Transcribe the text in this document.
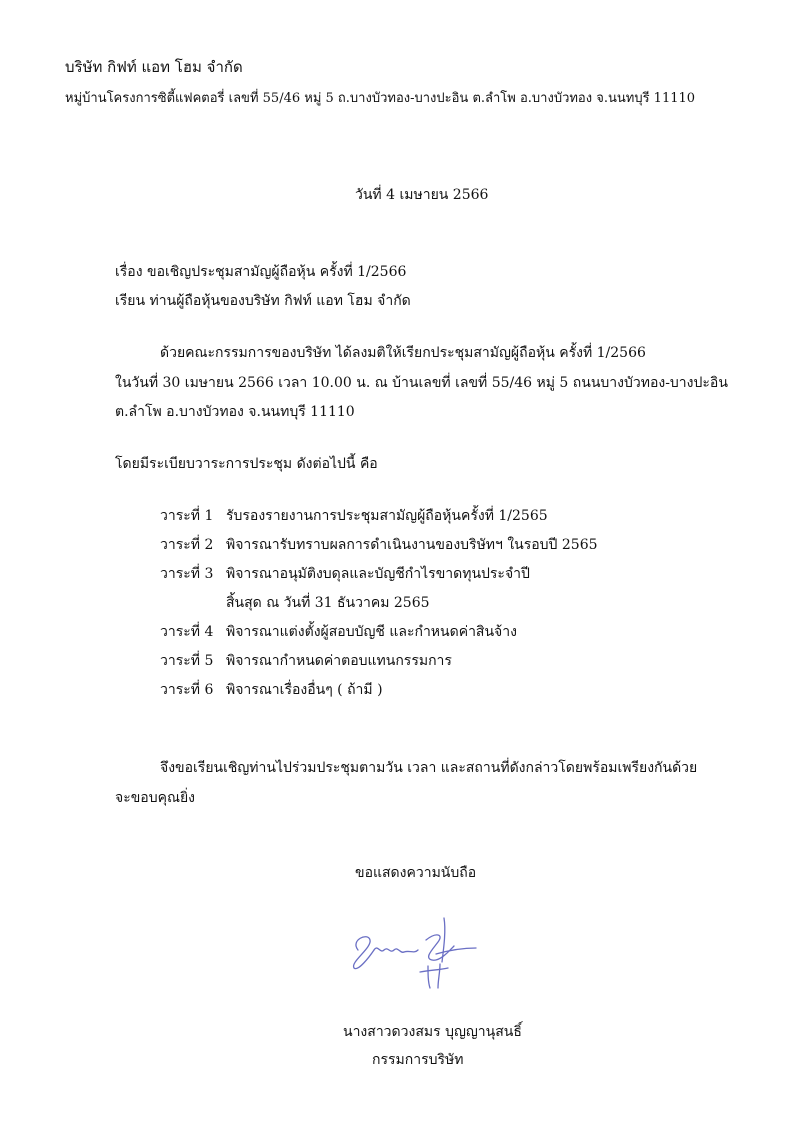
บริษัท กิฟท์ แอท โฮม จำกัด
หมู่บ้านโครงการซิตี้แฟคตอรี่ เลขที่ 55/46 หมู่ 5 ถ.บางบัวทอง-บางปะอิน ต.ลำโพ อ.บางบัวทอง จ.นนทบุรี 11110
วันที่ 4 เมษายน 2566
เรื่อง ขอเชิญประชุมสามัญผู้ถือหุ้น ครั้งที่ 1/2566
เรียน ท่านผู้ถือหุ้นของบริษัท กิฟท์ แอท โฮม จำกัด
ด้วยคณะกรรมการของบริษัท ได้ลงมติให้เรียกประชุมสามัญผู้ถือหุ้น ครั้งที่ 1/2566
ในวันที่ 30 เมษายน 2566 เวลา 10.00 น. ณ บ้านเลขที่ เลขที่ 55/46 หมู่ 5 ถนนบางบัวทอง-บางปะอิน
ต.ลำโพ อ.บางบัวทอง จ.นนทบุรี 11110
โดยมีระเบียบวาระการประชุม ดังต่อไปนี้ คือ
วาระที่ 1 รับรองรายงานการประชุมสามัญผู้ถือหุ้นครั้งที่ 1/2565
วาระที่ 2 พิจารณารับทราบผลการดำเนินงานของบริษัทฯ ในรอบปี 2565
วาระที่ 3 พิจารณาอนุมัติงบดุลและบัญชีกำไรขาดทุนประจำปี
สิ้นสุด ณ วันที่ 31 ธันวาคม 2565
วาระที่ 4 พิจารณาแต่งตั้งผู้สอบบัญชี และกำหนดค่าสินจ้าง
วาระที่ 5 พิจารณากำหนดค่าตอบแทนกรรมการ
วาระที่ 6 พิจารณาเรื่องอื่นๆ ( ถ้ามี )
จึงขอเรียนเชิญท่านไปร่วมประชุมตามวัน เวลา และสถานที่ดังกล่าวโดยพร้อมเพรียงกันด้วย
จะขอบคุณยิ่ง
ขอแสดงความนับถือ
นางสาวดวงสมร บุญญานุสนธิ์
กรรมการบริษัท
